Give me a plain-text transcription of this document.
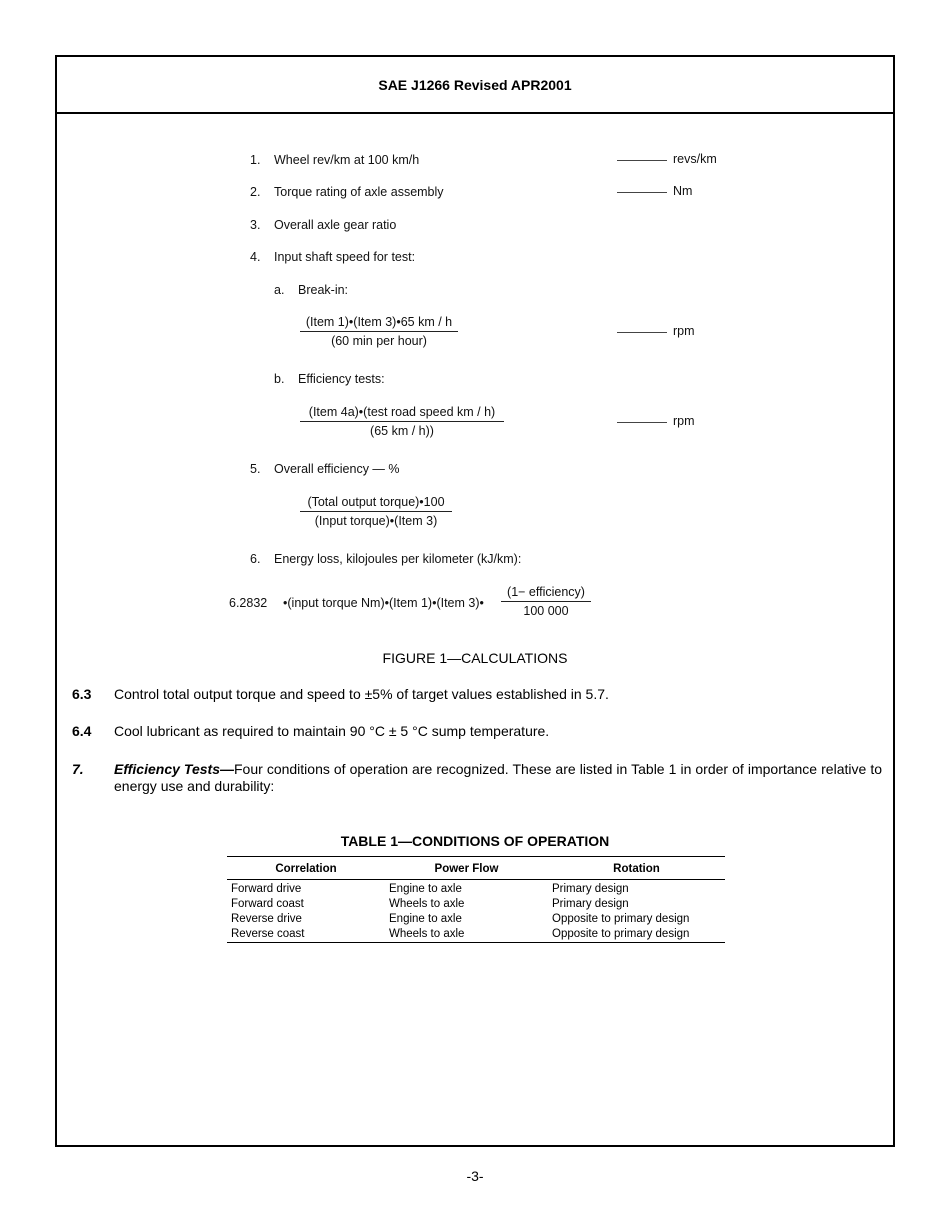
SAE J1266 Revised APR2001
1. Wheel rev/km at 100 km/h	revs/km
2. Torque rating of axle assembly	Nm
3. Overall axle gear ratio
4. Input shaft speed for test:
a. Break-in:
(Item 1)•(Item 3)•65 km / h
(60 min per hour)
rpm
b. Efficiency tests:
(Item 4a)•(test road speed km / h)
(65 km / h))
rpm
5. Overall efficiency — %
(Total output torque)•100
(Input torque)•(Item 3)
6. Energy loss, kilojoules per kilometer (kJ/km):
6.2832 •(input torque Nm)•(Item 1)•(Item 3)•
(1− efficiency)
100 000
FIGURE 1—CALCULATIONS
6.3 Control total output torque and speed to ±5% of target values established in 5.7.
6.4 Cool lubricant as required to maintain 90 °C ± 5 °C sump temperature.
7. Efficiency Tests—Four conditions of operation are recognized. These are listed in Table 1 in order of importance relative to energy use and durability:
TABLE 1—CONDITIONS OF OPERATION
Correlation	Power Flow	Rotation
Forward drive	Engine to axle	Primary design
Forward coast	Wheels to axle	Primary design
Reverse drive	Engine to axle	Opposite to primary design
Reverse coast	Wheels to axle	Opposite to primary design
-3-
